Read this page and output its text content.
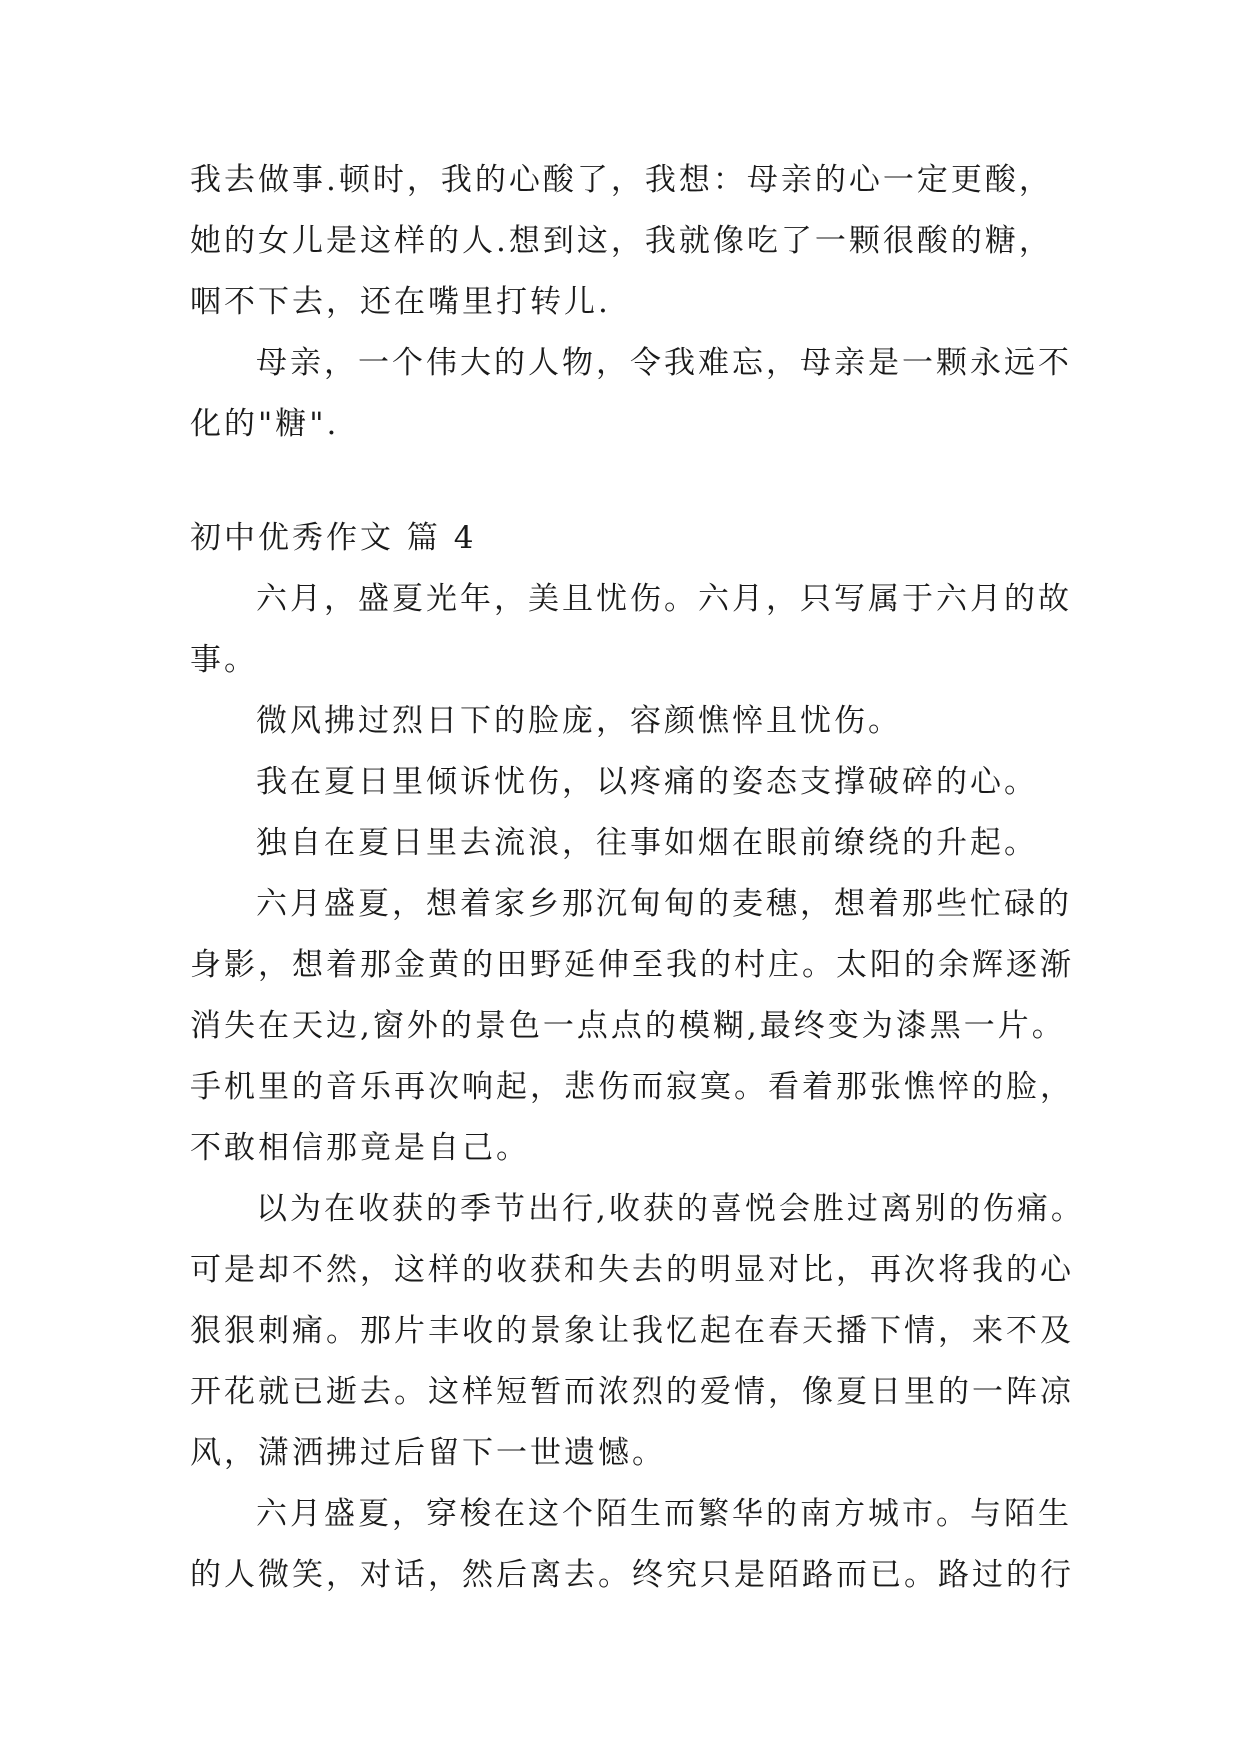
我去做事.顿时，我的心酸了，我想：母亲的心一定更酸，
她的女儿是这样的人.想到这，我就像吃了一颗很酸的糖，
咽不下去，还在嘴里打转儿.
母亲，一个伟大的人物，令我难忘，母亲是一颗永远不
化的"糖".
初中优秀作文 篇 4
六月，盛夏光年，美且忧伤。六月，只写属于六月的故
事。
微风拂过烈日下的脸庞，容颜憔悴且忧伤。
我在夏日里倾诉忧伤，以疼痛的姿态支撑破碎的心。
独自在夏日里去流浪，往事如烟在眼前缭绕的升起。
六月盛夏，想着家乡那沉甸甸的麦穗，想着那些忙碌的
身影，想着那金黄的田野延伸至我的村庄。太阳的余辉逐渐
消失在天边,窗外的景色一点点的模糊,最终变为漆黑一片。
手机里的音乐再次响起，悲伤而寂寞。看着那张憔悴的脸，
不敢相信那竟是自己。
以为在收获的季节出行,收获的喜悦会胜过离别的伤痛。
可是却不然，这样的收获和失去的明显对比，再次将我的心
狠狠刺痛。那片丰收的景象让我忆起在春天播下情，来不及
开花就已逝去。这样短暂而浓烈的爱情，像夏日里的一阵凉
风，潇洒拂过后留下一世遗憾。
六月盛夏，穿梭在这个陌生而繁华的南方城市。与陌生
的人微笑，对话，然后离去。终究只是陌路而已。路过的行
